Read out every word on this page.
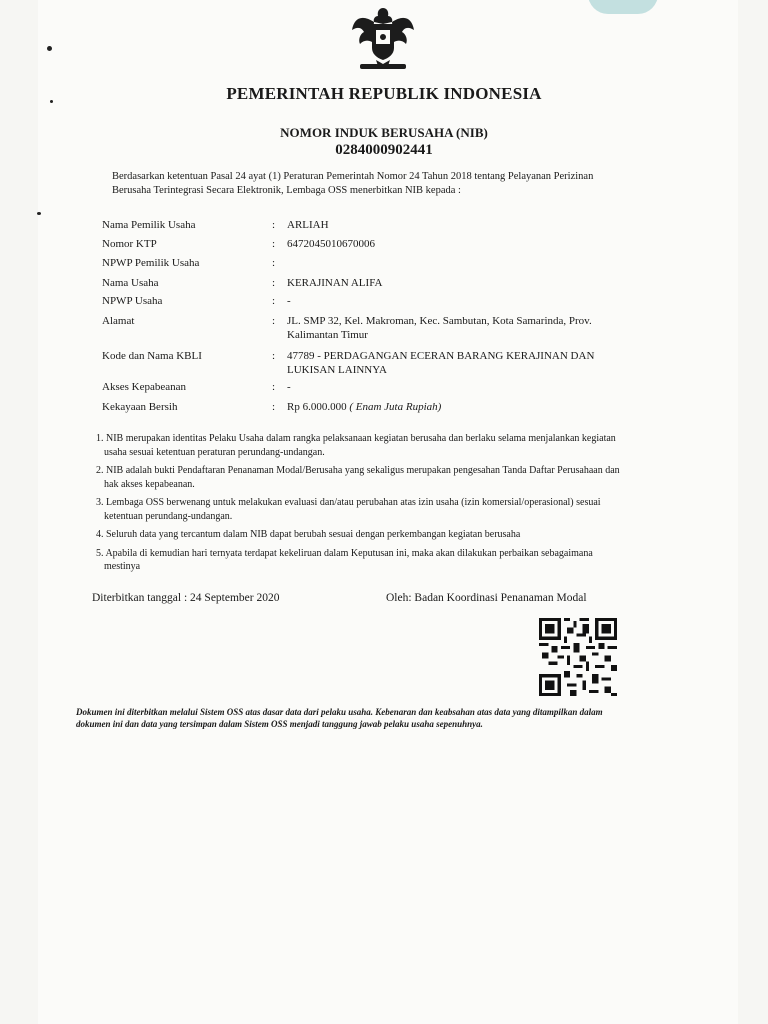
PEMERINTAH REPUBLIK INDONESIA
NOMOR INDUK BERUSAHA (NIB)
0284000902441
Berdasarkan ketentuan Pasal 24 ayat (1) Peraturan Pemerintah Nomor 24 Tahun 2018 tentang Pelayanan Perizinan Berusaha Terintegrasi Secara Elektronik, Lembaga OSS menerbitkan NIB kepada :
Nama Pemilik Usaha	:	ARLIAH
Nomor KTP	:	6472045010670006
NPWP Pemilik Usaha	:
Nama Usaha	:	KERAJINAN ALIFA
NPWP Usaha	:	-
Alamat	:	JL. SMP 32, Kel. Makroman, Kec. Sambutan, Kota Samarinda, Prov. Kalimantan Timur
Kode dan Nama KBLI	:	47789 - PERDAGANGAN ECERAN BARANG KERAJINAN DAN LUKISAN LAINNYA
Akses Kepabeanan	:	-
Kekayaan Bersih	:	Rp 6.000.000 ( Enam Juta Rupiah)
1. NIB merupakan identitas Pelaku Usaha dalam rangka pelaksanaan kegiatan berusaha dan berlaku selama menjalankan kegiatan usaha sesuai ketentuan peraturan perundang-undangan.
2. NIB adalah bukti Pendaftaran Penanaman Modal/Berusaha yang sekaligus merupakan pengesahan Tanda Daftar Perusahaan dan hak akses kepabeanan.
3. Lembaga OSS berwenang untuk melakukan evaluasi dan/atau perubahan atas izin usaha (izin komersial/operasional) sesuai ketentuan perundang-undangan.
4. Seluruh data yang tercantum dalam NIB dapat berubah sesuai dengan perkembangan kegiatan berusaha
5. Apabila di kemudian hari ternyata terdapat kekeliruan dalam Keputusan ini, maka akan dilakukan perbaikan sebagaimana mestinya
Diterbitkan tanggal : 24 September 2020	Oleh: Badan Koordinasi Penanaman Modal
Dokumen ini diterbitkan melalui Sistem OSS atas dasar data dari pelaku usaha. Kebenaran dan keabsahan atas data yang ditampilkan dalam dokumen ini dan data yang tersimpan dalam Sistem OSS menjadi tanggung jawab pelaku usaha sepenuhnya.
